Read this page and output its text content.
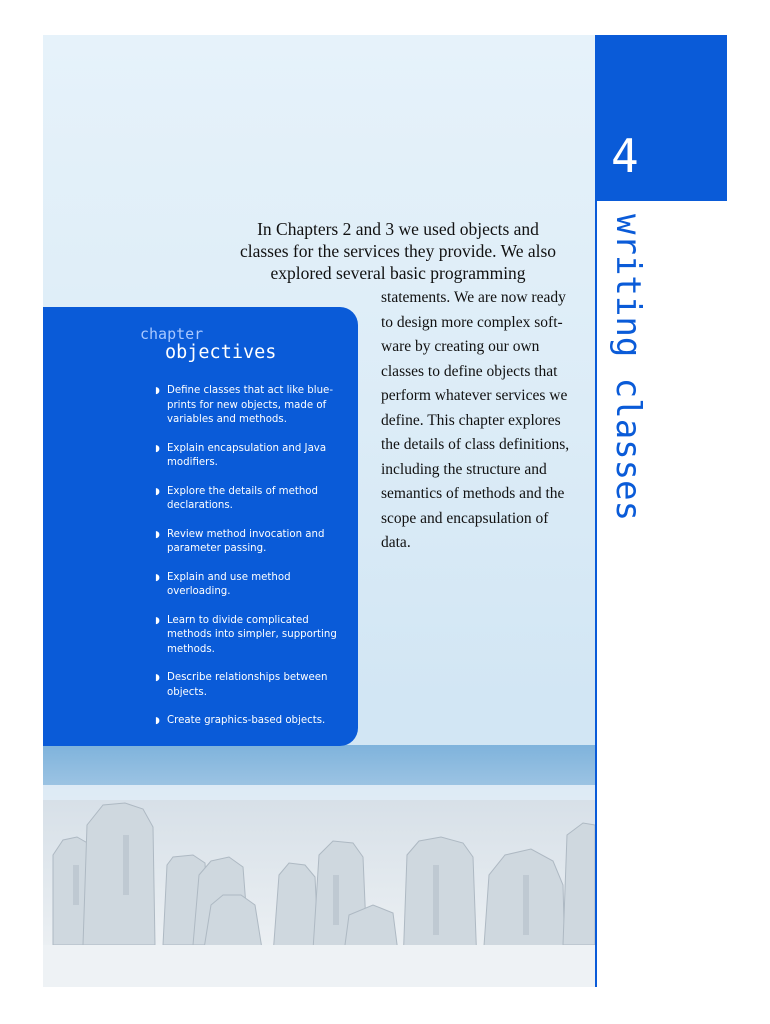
In Chapters 2 and 3 we used objects and
classes for the services they provide. We also
explored several basic programming
statements. We are now ready
to design more complex soft-
ware by creating our own
classes to define objects that
perform whatever services we
define. This chapter explores
the details of class definitions,
including the structure and
semantics of methods and the
scope and encapsulation of
data.
chapter
objectives
◗ Define classes that act like blue-
prints for new objects, made of
variables and methods.
◗ Explain encapsulation and Java
modifiers.
◗ Explore the details of method
declarations.
◗ Review method invocation and
parameter passing.
◗ Explain and use method
overloading.
◗ Learn to divide complicated
methods into simpler, supporting
methods.
◗ Describe relationships between
objects.
◗ Create graphics-based objects.
4
writing classes
